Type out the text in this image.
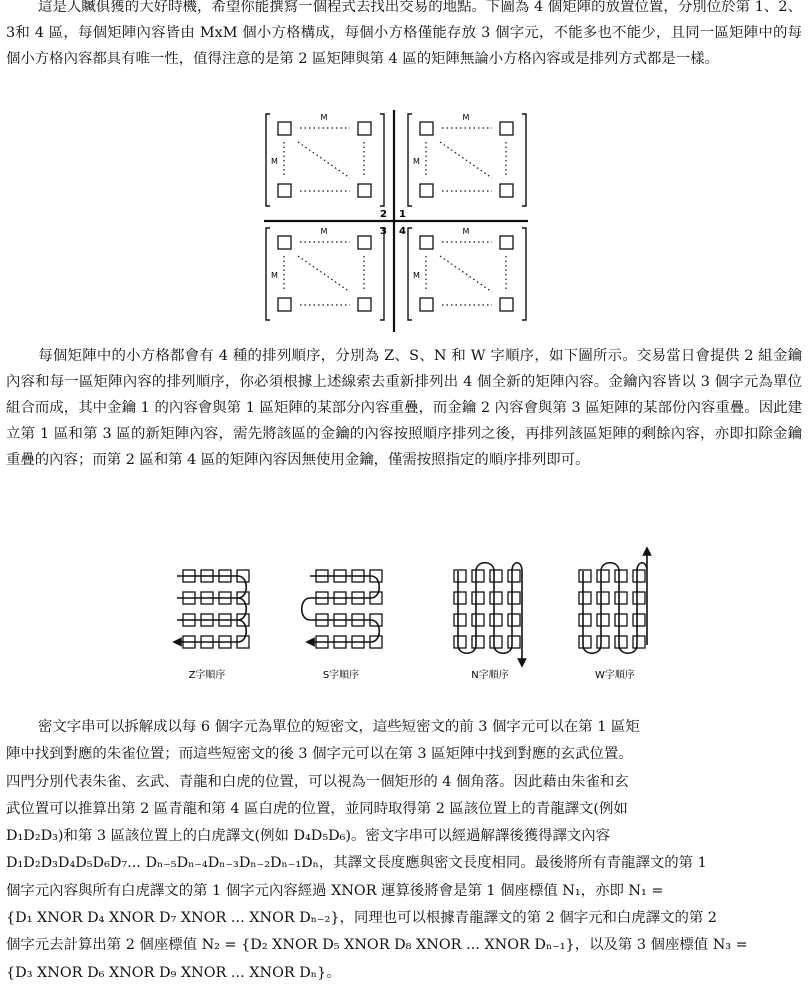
這是人贓俱獲的大好時機，希望你能撰寫一個程式去找出交易的地點。下圖為 4 個矩陣的放置位置，分別位於第 1、2、3和 4 區，每個矩陣內容皆由 MxM 個小方格構成，每個小方格僅能存放 3 個字元，不能多也不能少，且同一區矩陣中的每個小方格內容都具有唯一性，值得注意的是第 2 區矩陣與第 4 區的矩陣無論小方格內容或是排列方式都是一樣。

M
M
M
M
M
M
M
M
2 1
3 4

每個矩陣中的小方格都會有 4 種的排列順序，分別為 Z、S、N 和 W 字順序，如下圖所示。交易當日會提供 2 組金鑰內容和每一區矩陣內容的排列順序，你必須根據上述線索去重新排列出 4 個全新的矩陣內容。金鑰內容皆以 3 個字元為單位組合而成，其中金鑰 1 的內容會與第 1 區矩陣的某部分內容重疊，而金鑰 2 內容會與第 3 區矩陣的某部份內容重疊。因此建立第 1 區和第 3 區的新矩陣內容，需先將該區的金鑰的內容按照順序排列之後，再排列該區矩陣的剩餘內容，亦即扣除金鑰重疊的內容；而第 2 區和第 4 區的矩陣內容因無使用金鑰，僅需按照指定的順序排列即可。

Z字順序	S字順序	N字順序	W字順序
密文字串可以拆解成以每 6 個字元為單位的短密文，這些短密文的前 3 個字元可以在第 1 區矩
陣中找到對應的朱雀位置；而這些短密文的後 3 個字元可以在第 3 區矩陣中找到對應的玄武位置。
四門分別代表朱雀、玄武、青龍和白虎的位置，可以視為一個矩形的 4 個角落。因此藉由朱雀和玄
武位置可以推算出第 2 區青龍和第 4 區白虎的位置，並同時取得第 2 區該位置上的青龍譯文(例如
D₁D₂D₃)和第 3 區該位置上的白虎譯文(例如 D₄D₅D₆)。密文字串可以經過解譯後獲得譯文內容
D₁D₂D₃D₄D₅D₆D₇... Dₙ₋₅Dₙ₋₄Dₙ₋₃Dₙ₋₂Dₙ₋₁Dₙ，其譯文長度應與密文長度相同。最後將所有青龍譯文的第 1
個字元內容與所有白虎譯文的第 1 個字元內容經過 XNOR 運算後將會是第 1 個座標值 N₁，亦即 N₁ =
{D₁ XNOR D₄ XNOR D₇ XNOR ... XNOR Dₙ₋₂}，同理也可以根據青龍譯文的第 2 個字元和白虎譯文的第 2
個字元去計算出第 2 個座標值 N₂ = {D₂ XNOR D₅ XNOR D₈ XNOR ... XNOR Dₙ₋₁}，以及第 3 個座標值 N₃ =
{D₃ XNOR D₆ XNOR D₉ XNOR ... XNOR Dₙ}。
